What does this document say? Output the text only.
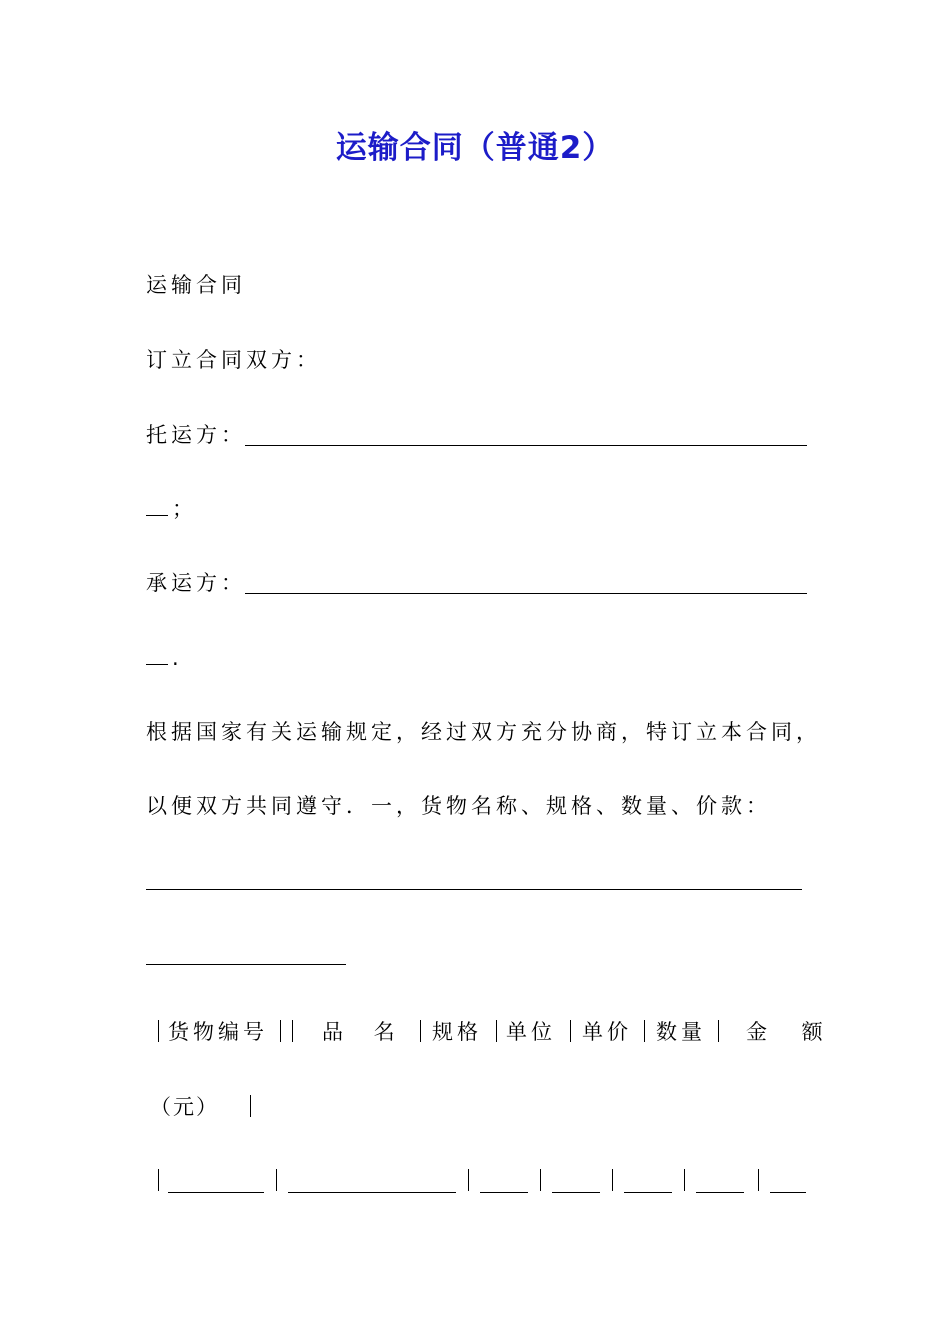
运输合同（普通2）
运输合同
订立合同双方：
托运方：
；
承运方：
.
根据国家有关运输规定，经过双方充分协商，特订立本合同，
以便双方共同遵守．一，货物名称、规格、数量、价款：
货物编号	品 名 规格 单位 单价 数量 金 额
（元）
